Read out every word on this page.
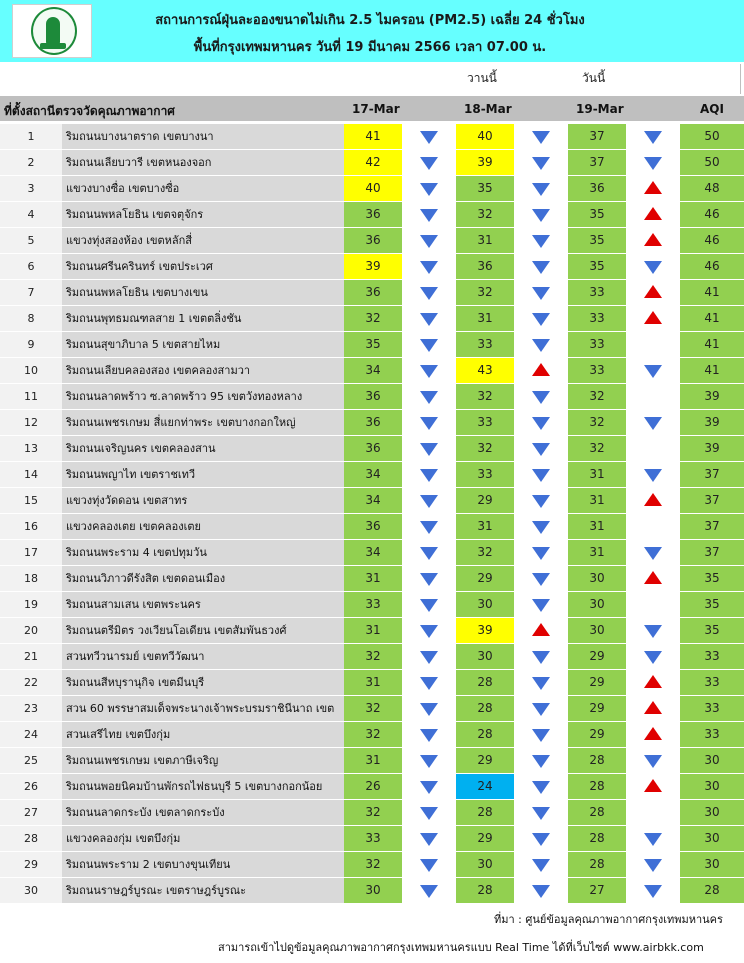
สถานการณ์ฝุ่นละอองขนาดไม่เกิน 2.5 ไมครอน (PM2.5) เฉลี่ย 24 ชั่วโมง
พื้นที่กรุงเทพมหานคร วันที่ 19 มีนาคม 2566 เวลา 07.00 น.
วานนี้	วันนี้
ที่ตั้งสถานีตรวจวัดคุณภาพอากาศ	17-Mar	18-Mar	19-Mar	AQI
1	ริมถนนบางนาตราด เขตบางนา	41	40	37	50
2	ริมถนนเลียบวารี เขตหนองจอก	42	39	37	50
3	แขวงบางซื่อ เขตบางซื่อ	40	35	36	48
4	ริมถนนพหลโยธิน เขตจตุจักร	36	32	35	46
5	แขวงทุ่งสองห้อง เขตหลักสี่	36	31	35	46
6	ริมถนนศรีนครินทร์ เขตประเวศ	39	36	35	46
7	ริมถนนพหลโยธิน เขตบางเขน	36	32	33	41
8	ริมถนนพุทธมณฑลสาย 1 เขตตลิ่งชัน	32	31	33	41
9	ริมถนนสุขาภิบาล 5 เขตสายไหม	35	33	33	41
10	ริมถนนเลียบคลองสอง เขตคลองสามวา	34	43	33	41
11	ริมถนนลาดพร้าว ซ.ลาดพร้าว 95 เขตวังทองหลาง	36	32	32	39
12	ริมถนนเพชรเกษม สี่แยกท่าพระ เขตบางกอกใหญ่	36	33	32	39
13	ริมถนนเจริญนคร เขตคลองสาน	36	32	32	39
14	ริมถนนพญาไท เขตราชเทวี	34	33	31	37
15	แขวงทุ่งวัดดอน เขตสาทร	34	29	31	37
16	แขวงคลองเตย เขตคลองเตย	36	31	31	37
17	ริมถนนพระราม 4 เขตปทุมวัน	34	32	31	37
18	ริมถนนวิภาวดีรังสิต เขตดอนเมือง	31	29	30	35
19	ริมถนนสามเสน เขตพระนคร	33	30	30	35
20	ริมถนนตรีมิตร วงเวียนโอเดียน เขตสัมพันธวงศ์	31	39	30	35
21	สวนทวีวนารมย์ เขตทวีวัฒนา	32	30	29	33
22	ริมถนนสีหบุรานุกิจ เขตมีนบุรี	31	28	29	33
23	สวน 60 พรรษาสมเด็จพระนางเจ้าพระบรมราชินีนาถ เขต	32	28	29	33
24	สวนเสรีไทย เขตบึงกุ่ม	32	28	29	33
25	ริมถนนเพชรเกษม เขตภาษีเจริญ	31	29	28	30
26	ริมถนนพอยนิคมบ้านพักรถไฟธนบุรี 5 เขตบางกอกน้อย	26	24	28	30
27	ริมถนนลาดกระบัง เขตลาดกระบัง	32	28	28	30
28	แขวงคลองกุ่ม เขตบึงกุ่ม	33	29	28	30
29	ริมถนนพระราม 2 เขตบางขุนเทียน	32	30	28	30
30	ริมถนนราษฎร์บูรณะ เขตราษฎร์บูรณะ	30	28	27	28
ที่มา : ศูนย์ข้อมูลคุณภาพอากาศกรุงเทพมหานคร
สามารถเข้าไปดูข้อมูลคุณภาพอากาศกรุงเทพมหานครแบบ Real Time ได้ที่เว็บไซต์ www.airbkk.com
